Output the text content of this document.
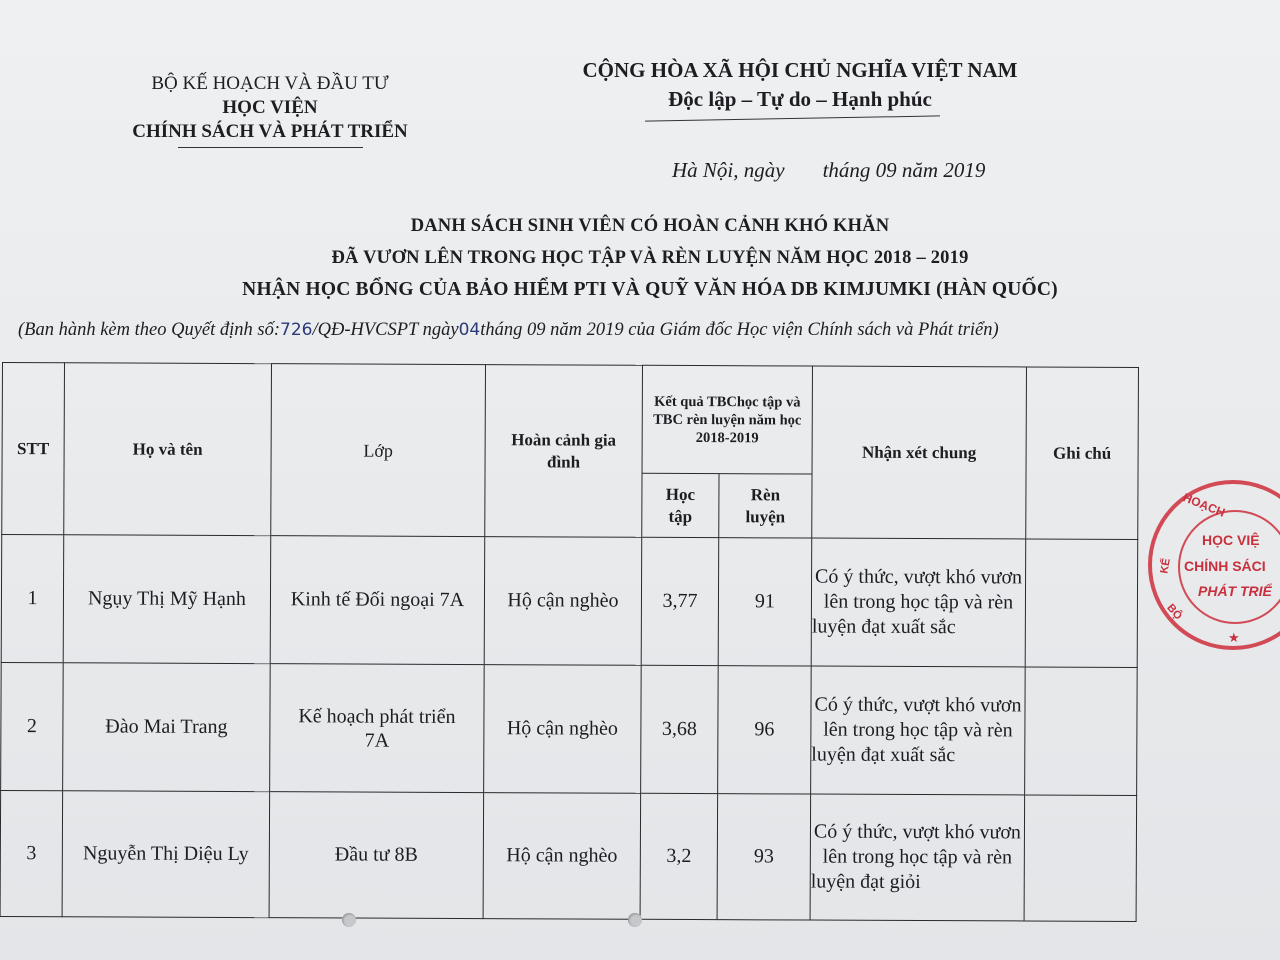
BỘ KẾ HOẠCH VÀ ĐẦU TƯ
HỌC VIỆN
CHÍNH SÁCH VÀ PHÁT TRIỂN
CỘNG HÒA XÃ HỘI CHỦ NGHĨA VIỆT NAM
Độc lập – Tự do – Hạnh phúc
Hà Nội, ngày tháng 09 năm 2019
DANH SÁCH SINH VIÊN CÓ HOÀN CẢNH KHÓ KHĂN
ĐÃ VƯƠN LÊN TRONG HỌC TẬP VÀ RÈN LUYỆN NĂM HỌC 2018 – 2019
NHẬN HỌC BỔNG CỦA BẢO HIỂM PTI VÀ QUỸ VĂN HÓA DB KIMJUMKI (HÀN QUỐC)
(Ban hành kèm theo Quyết định số:726/QĐ-HVCSPT ngày04tháng 09 năm 2019 của Giám đốc Học viện Chính sách và Phát triển)
STT	Họ và tên	Lớp	Hoàn cảnh gia đình	Kết quả TBChọc tập và TBC rèn luyện năm học 2018-2019		Nhận xét chung	Ghi chú
				Học tập	Rèn luyện		
1	Ngụy Thị Mỹ Hạnh	Kinh tế Đối ngoại 7A	Hộ cận nghèo	3,77	91	Có ý thức, vượt khó vươn lên trong học tập và rèn luyện đạt xuất sắc	
2	Đào Mai Trang	Kế hoạch phát triển 7A	Hộ cận nghèo	3,68	96	Có ý thức, vượt khó vươn lên trong học tập và rèn luyện đạt xuất sắc	
3	Nguyễn Thị Diệu Ly	Đầu tư 8B	Hộ cận nghèo	3,2	93	Có ý thức, vượt khó vươn lên trong học tập và rèn luyện đạt giỏi	
HOẠCH
KẾ
BỘ
HỌC VIỆ
CHÍNH SÁCI
PHÁT TRIỂ
★
